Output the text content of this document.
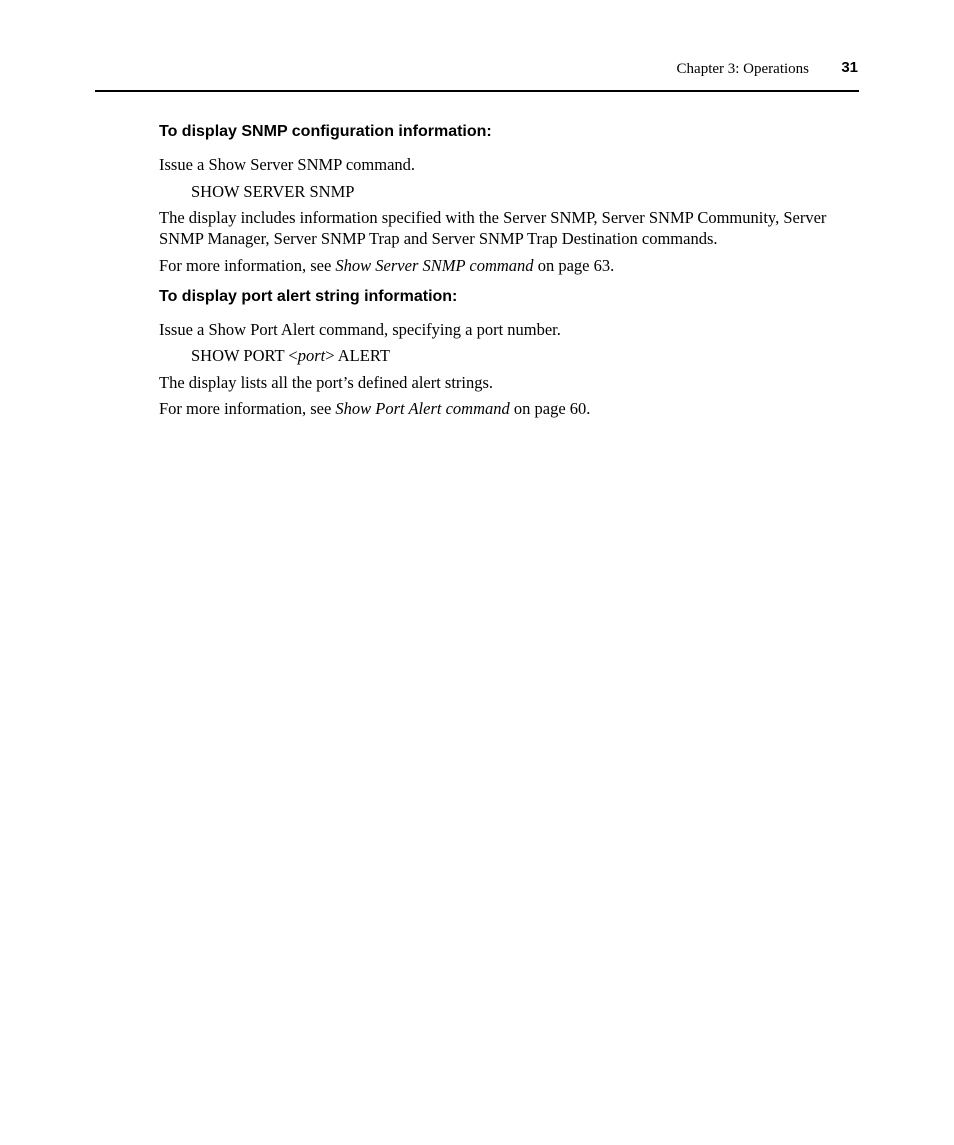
Chapter 3: Operations 31
To display SNMP configuration information:

Issue a Show Server SNMP command.

SHOW SERVER SNMP

The display includes information specified with the Server SNMP, Server SNMP Community, Server SNMP Manager, Server SNMP Trap and Server SNMP Trap Destination commands.

For more information, see Show Server SNMP command on page 63.

To display port alert string information:

Issue a Show Port Alert command, specifying a port number.

SHOW PORT <port> ALERT

The display lists all the port’s defined alert strings.

For more information, see Show Port Alert command on page 60.
